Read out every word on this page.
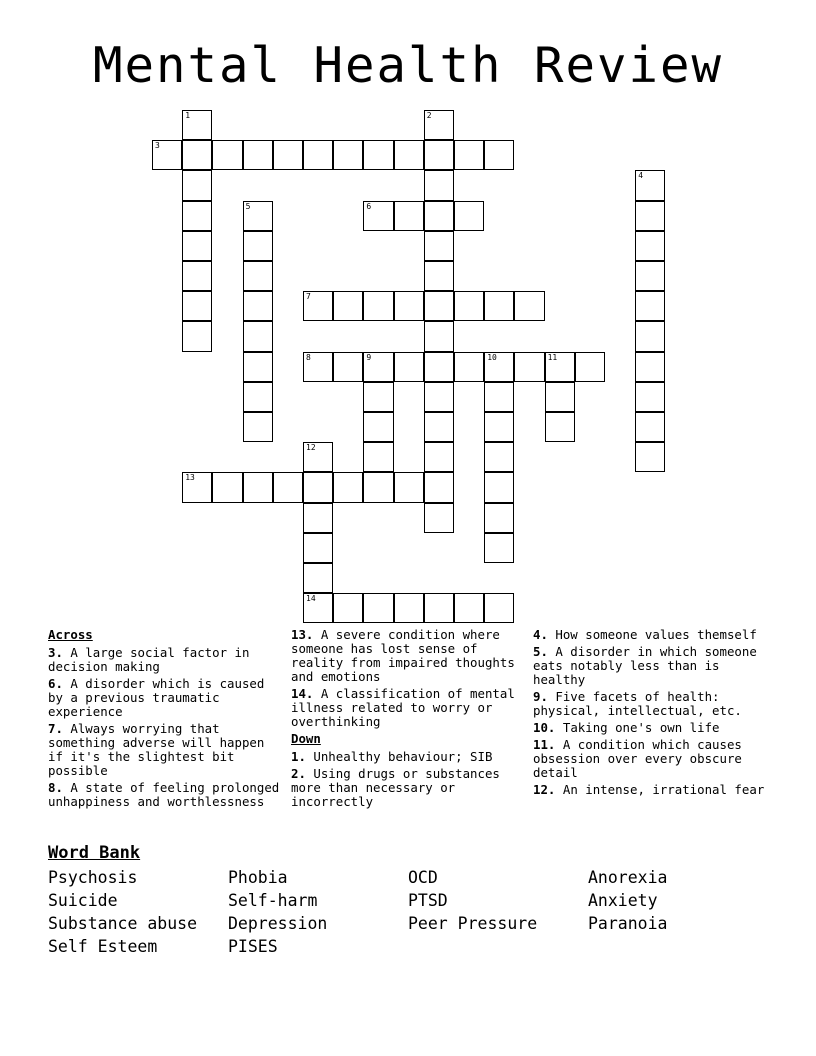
Mental Health Review
1	2
3
4
5	6
7
8	9	10	11
12
13
14
Across
3. A large social factor in decision making
6. A disorder which is caused by a previous traumatic experience
7. Always worrying that something adverse will happen if it's the slightest bit possible
8. A state of feeling prolonged unhappiness and worthlessness
13. A severe condition where someone has lost sense of reality from impaired thoughts and emotions
14. A classification of mental illness related to worry or overthinking
Down
1. Unhealthy behaviour; SIB
2. Using drugs or substances more than necessary or incorrectly
4. How someone values themself
5. A disorder in which someone eats notably less than is healthy
9. Five facets of health: physical, intellectual, etc.
10. Taking one's own life
11. A condition which causes obsession over every obscure detail
12. An intense, irrational fear
Word Bank
Psychosis	Phobia	OCD	Anorexia
Suicide	Self-harm	PTSD	Anxiety
Substance abuse	Depression	Peer Pressure	Paranoia
Self Esteem	PISES
